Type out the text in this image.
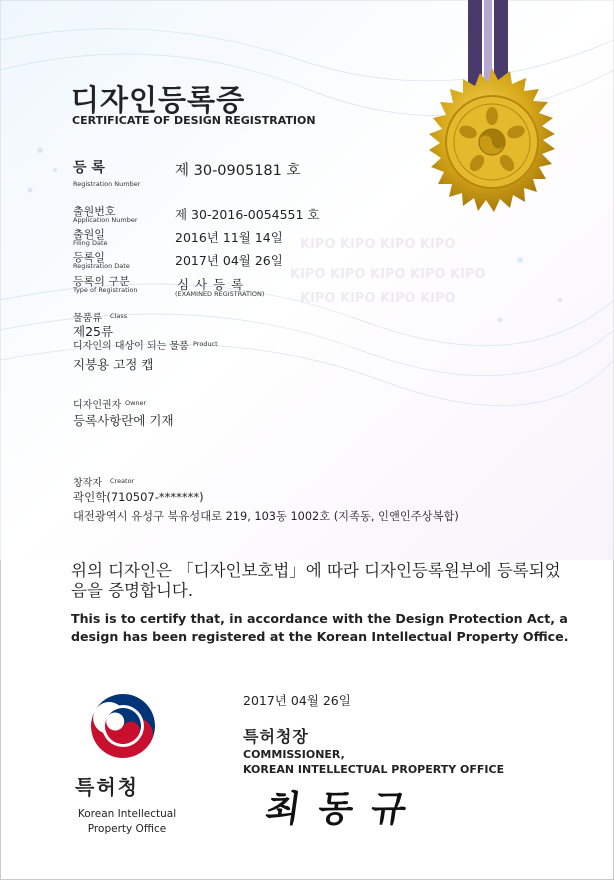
KIPO KIPO KIPO KIPO
KIPO KIPO KIPO KIPO KIPO
KIPO KIPO KIPO KIPO
디자인등록증
CERTIFICATE OF DESIGN REGISTRATION
등 록
Registration Number
제 30-0905181 호
출원번호
Application Number	제 30-2016-0054551 호
출원일
Filing Date	2016년 11월 14일
등록일
Registration Date	2017년 04월 26일
등록의 구분
Type of Registration	심 사 등 록
(EXAMINED REGISTRATION)
물품류 Class
제25류
디자인의 대상이 되는 물품 Product
지붕용 고정 캡
디자인권자 Owner
등록사항란에 기재
창작자 Creator
곽인학(710507-*******)
대전광역시 유성구 북유성대로 219, 103동 1002호 (지족동, 인앤인주상복합)
위의 디자인은 「디자인보호법」에 따라 디자인등록원부에 등록되었음을 증명합니다.
This is to certify that, in accordance with the Design Protection Act, a design has been registered at the Korean Intellectual Property Office.
2017년 04월 26일
특허청장
COMMISSIONER,
KOREAN INTELLECTUAL PROPERTY OFFICE
최동규
특허청
Korean Intellectual Property Office
